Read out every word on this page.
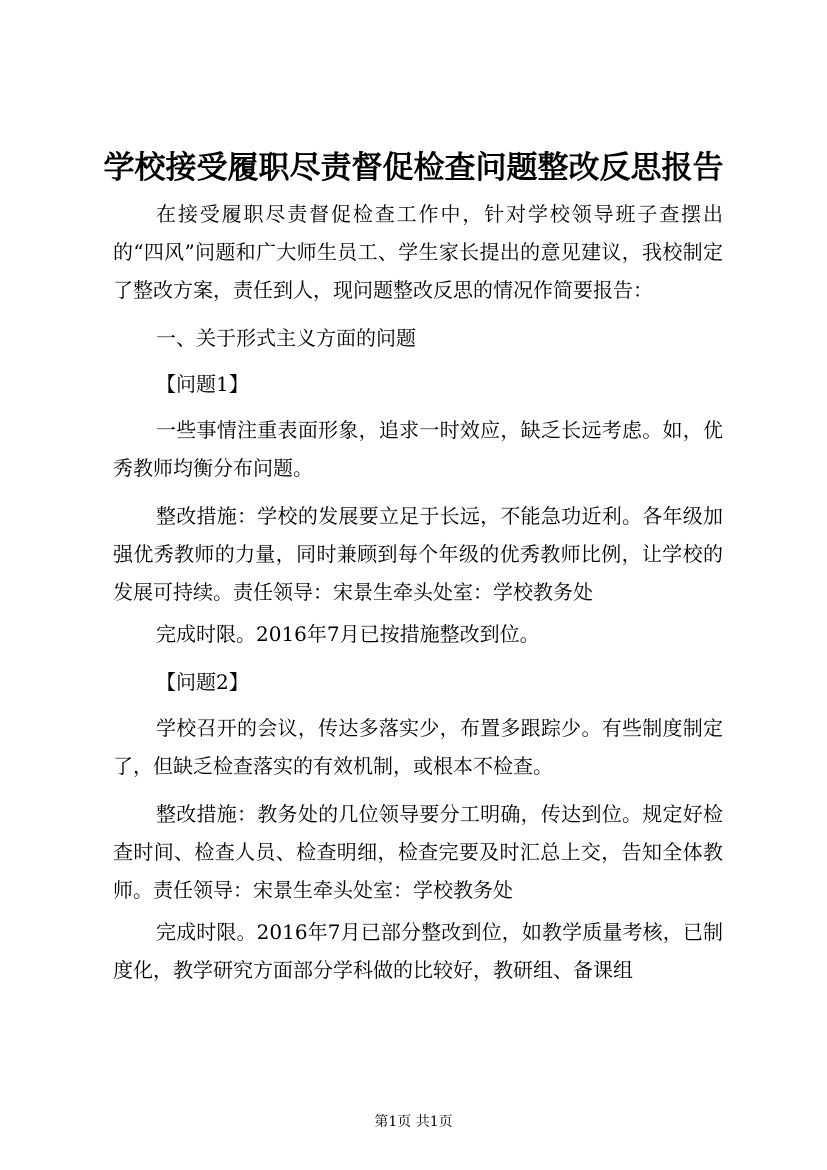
学校接受履职尽责督促检查问题整改反思报告

在接受履职尽责督促检查工作中，针对学校领导班子查摆出的“四风”问题和广大师生员工、学生家长提出的意见建议，我校制定了整改方案，责任到人，现问题整改反思的情况作简要报告：

一、关于形式主义方面的问题

【问题1】

一些事情注重表面形象，追求一时效应，缺乏长远考虑。如，优秀教师均衡分布问题。

整改措施：学校的发展要立足于长远，不能急功近利。各年级加强优秀教师的力量，同时兼顾到每个年级的优秀教师比例，让学校的发展可持续。责任领导：宋景生牵头处室：学校教务处

完成时限。2016年7月已按措施整改到位。

【问题2】

学校召开的会议，传达多落实少，布置多跟踪少。有些制度制定了，但缺乏检查落实的有效机制，或根本不检查。

整改措施：教务处的几位领导要分工明确，传达到位。规定好检查时间、检查人员、检查明细，检查完要及时汇总上交，告知全体教师。责任领导：宋景生牵头处室：学校教务处

完成时限。2016年7月已部分整改到位，如教学质量考核，已制度化，教学研究方面部分学科做的比较好，教研组、备课组

第1页 共1页
